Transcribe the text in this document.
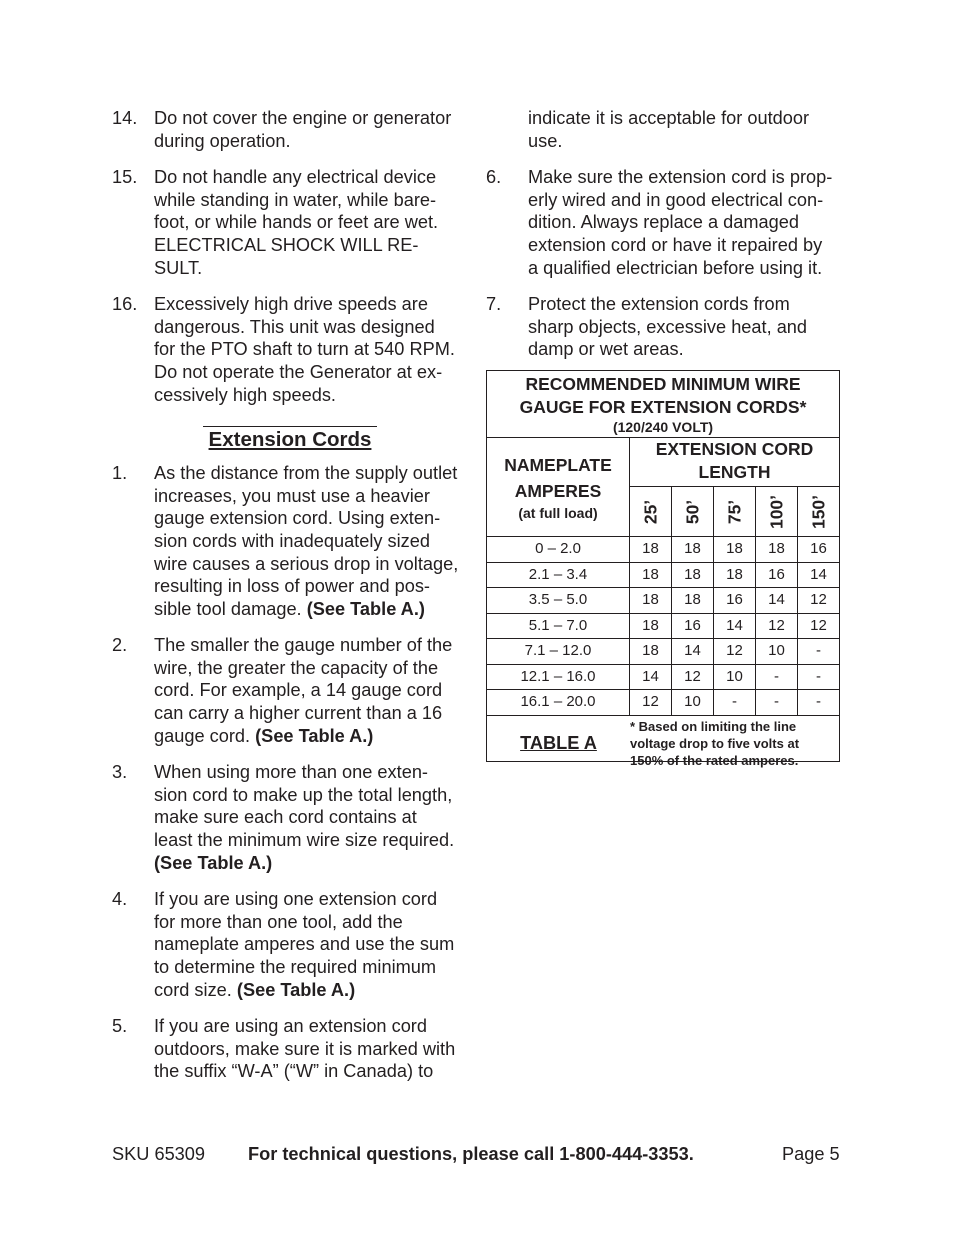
14. Do not cover the engine or generator
during operation.
15. Do not handle any electrical device
while standing in water, while bare-
foot, or while hands or feet are wet.
ELECTRICAL SHOCK WILL RE-
SULT.
16. Excessively high drive speeds are
dangerous. This unit was designed
for the PTO shaft to turn at 540 RPM.
Do not operate the Generator at ex-
cessively high speeds.
Extension Cords
1.	As the distance from the supply outlet
increases, you must use a heavier
gauge extension cord. Using exten-
sion cords with inadequately sized
wire causes a serious drop in voltage,
resulting in loss of power and pos-
sible tool damage. (See Table A.)
2.	The smaller the gauge number of the
wire, the greater the capacity of the
cord. For example, a 14 gauge cord
can carry a higher current than a 16
gauge cord. (See Table A.)
3.	When using more than one exten-
sion cord to make up the total length,
make sure each cord contains at
least the minimum wire size required.
(See Table A.)
4.	If you are using one extension cord
for more than one tool, add the
nameplate amperes and use the sum
to determine the required minimum
cord size. (See Table A.)
5.	If you are using an extension cord
outdoors, make sure it is marked with
the suffix “W-A” (“W” in Canada) to
indicate it is acceptable for outdoor
use.
6.	Make sure the extension cord is prop-
erly wired and in good electrical con-
dition. Always replace a damaged
extension cord or have it repaired by
a qualified electrician before using it.
7.	Protect the extension cords from
sharp objects, excessive heat, and
damp or wet areas.
RECOMMENDED MINIMUM WIRE
GAUGE FOR EXTENSION CORDS*
(120/240 VOLT)
NAMEPLATE
AMPERES
(at full load)
EXTENSION CORD
LENGTH
25’ 50’ 75’ 100’ 150’
0 – 2.0	18	18	18	18	16
2.1 – 3.4	18	18	18	16	14
3.5 – 5.0	18	18	16	14	12
5.1 – 7.0	18	16	14	12	12
7.1 – 12.0	18	14	12	10	-
12.1 – 16.0	14	12	10	-	-
16.1 – 20.0	12	10	-	-	-
TABLE A
* Based on limiting the line
voltage drop to five volts at
150% of the rated amperes.
SKU 65309 For technical questions, please call 1-800-444-3353.	Page 5
